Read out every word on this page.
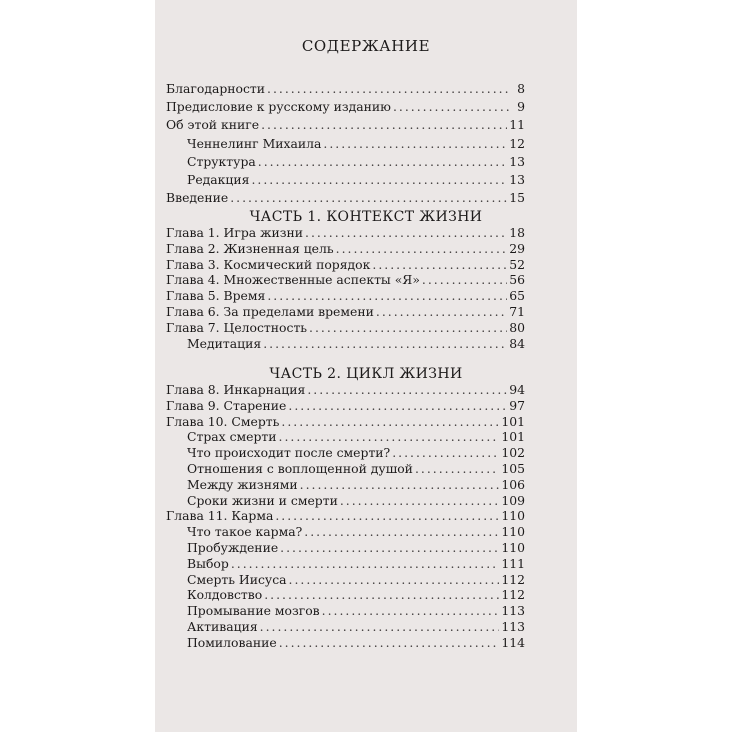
СОДЕРЖАНИЕ
Благодарности .....	8
Предисловие к русскому изданию .....	9
Об этой книге .....	11
Ченнелинг Михаила .....	12
Структура .....	13
Редакция .....	13
Введение .....	15
ЧАСТЬ 1. КОНТЕКСТ ЖИЗНИ
Глава 1. Игра жизни .....	18
Глава 2. Жизненная цель .....	29
Глава 3. Космический порядок .....	52
Глава 4. Множественные аспекты «Я» .....	56
Глава 5. Время .....	65
Глава 6. За пределами времени .....	71
Глава 7. Целостность .....	80
Медитация .....	84
ЧАСТЬ 2. ЦИКЛ ЖИЗНИ
Глава 8. Инкарнация .....	94
Глава 9. Старение .....	97
Глава 10. Смерть .....	101
Страх смерти .....	101
Что происходит после смерти? .....	102
Отношения с воплощенной душой .....	105
Между жизнями .....	106
Сроки жизни и смерти .....	109
Глава 11. Карма .....	110
Что такое карма? .....	110
Пробуждение .....	110
Выбор .....	111
Смерть Иисуса .....	112
Колдовство .....	112
Промывание мозгов .....	113
Активация .....	113
Помилование .....	114
